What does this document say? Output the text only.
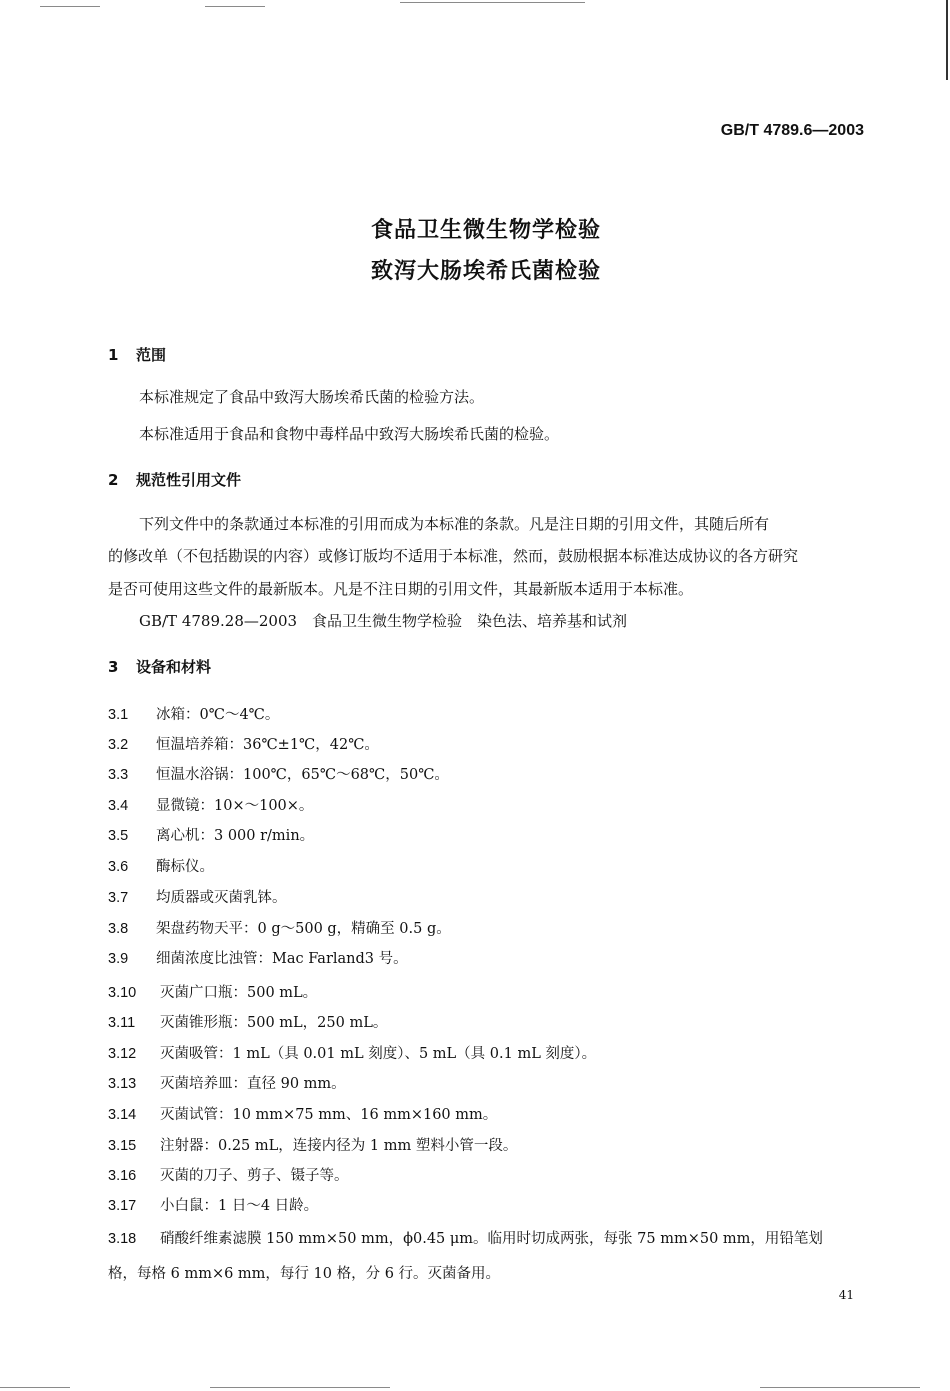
GB/T 4789.6—2003
食品卫生微生物学检验
致泻大肠埃希氏菌检验
1 范围
本标准规定了食品中致泻大肠埃希氏菌的检验方法。
本标准适用于食品和食物中毒样品中致泻大肠埃希氏菌的检验。
2 规范性引用文件
下列文件中的条款通过本标准的引用而成为本标准的条款。凡是注日期的引用文件，其随后所有
的修改单（不包括勘误的内容）或修订版均不适用于本标准，然而，鼓励根据本标准达成协议的各方研究
是否可使用这些文件的最新版本。凡是不注日期的引用文件，其最新版本适用于本标准。
GB/T 4789.28—2003　食品卫生微生物学检验　染色法、培养基和试剂
3 设备和材料
3.1 冰箱：0℃～4℃。
3.2 恒温培养箱：36℃±1℃，42℃。
3.3 恒温水浴锅：100℃，65℃～68℃，50℃。
3.4 显微镜：10×～100×。
3.5 离心机：3 000 r/min。
3.6 酶标仪。
3.7 均质器或灭菌乳钵。
3.8 架盘药物天平：0 g～500 g，精确至 0.5 g。
3.9 细菌浓度比浊管：Mac Farland3 号。
3.10 灭菌广口瓶：500 mL。
3.11 灭菌锥形瓶：500 mL，250 mL。
3.12 灭菌吸管：1 mL（具 0.01 mL 刻度）、5 mL（具 0.1 mL 刻度）。
3.13 灭菌培养皿：直径 90 mm。
3.14 灭菌试管：10 mm×75 mm、16 mm×160 mm。
3.15 注射器：0.25 mL，连接内径为 1 mm 塑料小管一段。
3.16 灭菌的刀子、剪子、镊子等。
3.17 小白鼠：1 日～4 日龄。
3.18 硝酸纤维素滤膜 150 mm×50 mm，ϕ0.45 μm。临用时切成两张，每张 75 mm×50 mm，用铅笔划
格，每格 6 mm×6 mm，每行 10 格，分 6 行。灭菌备用。
41
